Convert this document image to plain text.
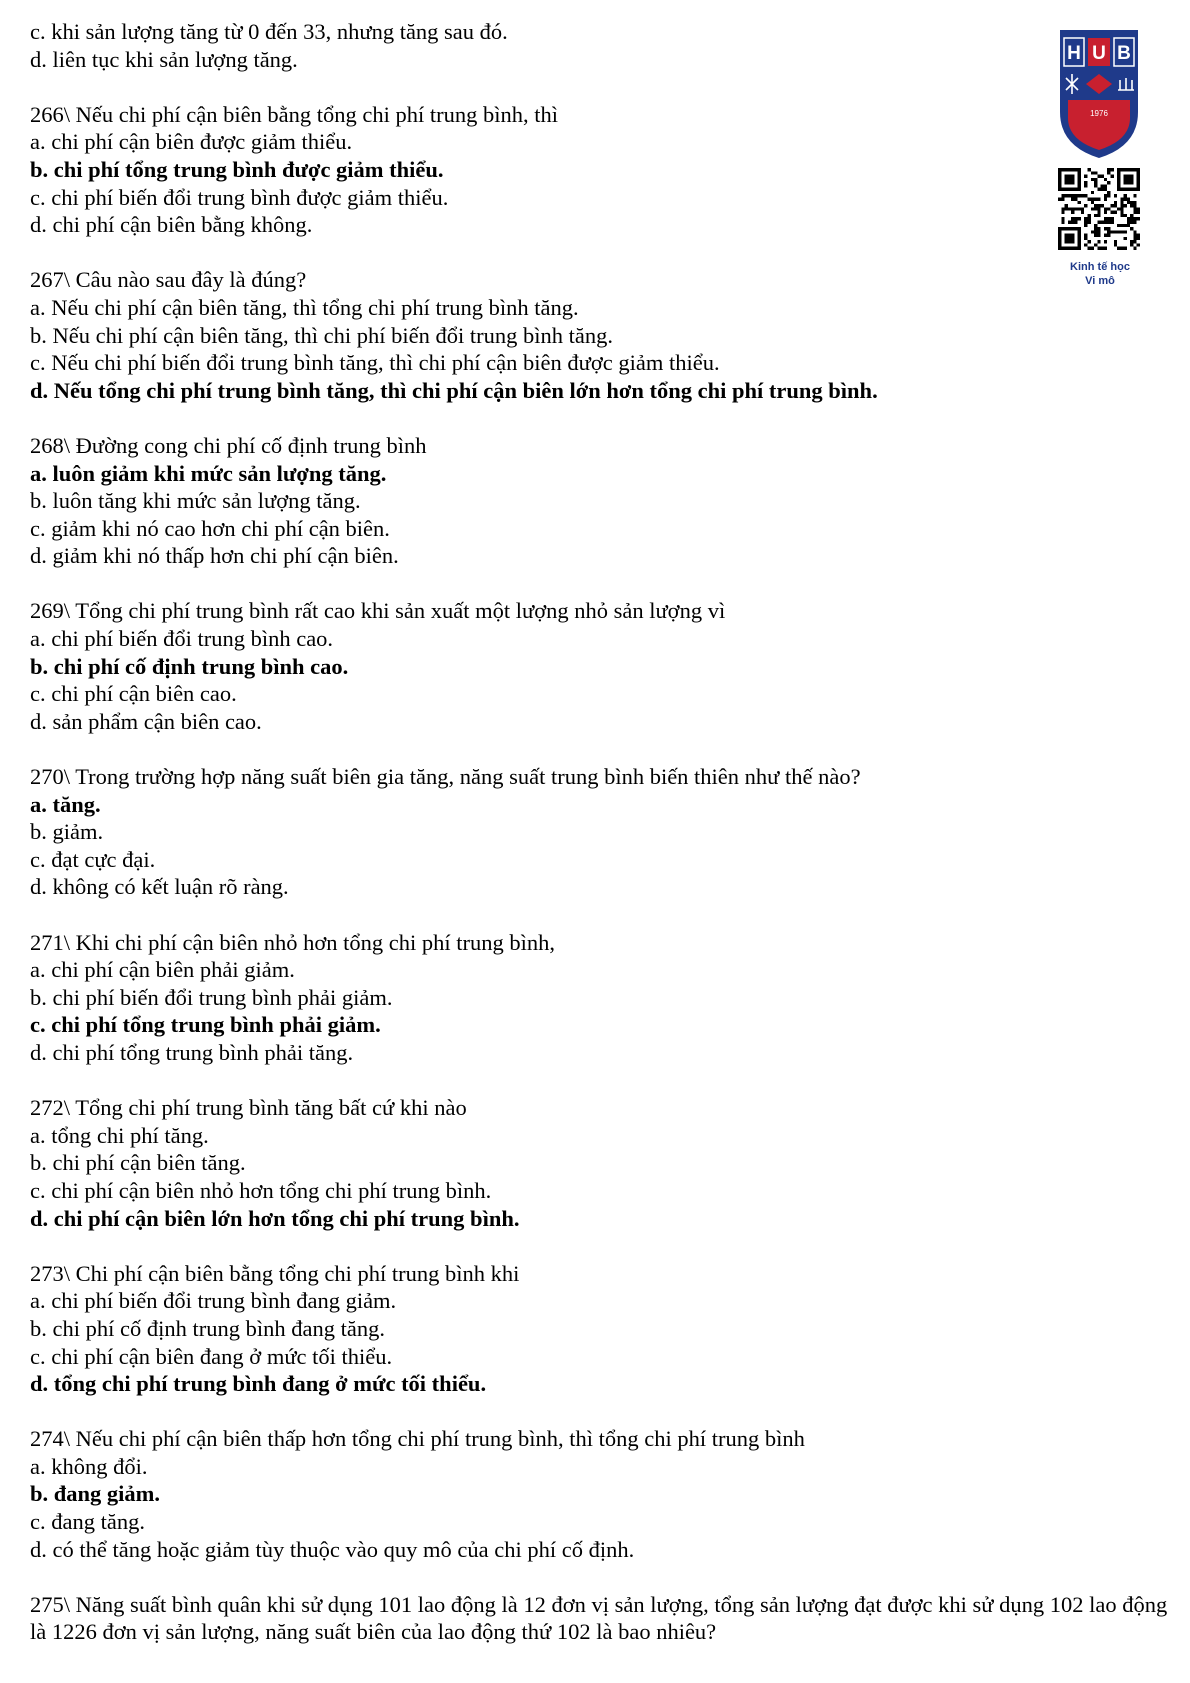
c. khi sản lượng tăng từ 0 đến 33, nhưng tăng sau đó.
d. liên tục khi sản lượng tăng.
266\ Nếu chi phí cận biên bằng tổng chi phí trung bình, thì
a. chi phí cận biên được giảm thiểu.
b. chi phí tổng trung bình được giảm thiểu.
c. chi phí biến đổi trung bình được giảm thiểu.
d. chi phí cận biên bằng không.
267\ Câu nào sau đây là đúng?
a. Nếu chi phí cận biên tăng, thì tổng chi phí trung bình tăng.
b. Nếu chi phí cận biên tăng, thì chi phí biến đổi trung bình tăng.
c. Nếu chi phí biến đổi trung bình tăng, thì chi phí cận biên được giảm thiểu.
d. Nếu tổng chi phí trung bình tăng, thì chi phí cận biên lớn hơn tổng chi phí trung bình.
268\ Đường cong chi phí cố định trung bình
a. luôn giảm khi mức sản lượng tăng.
b. luôn tăng khi mức sản lượng tăng.
c. giảm khi nó cao hơn chi phí cận biên.
d. giảm khi nó thấp hơn chi phí cận biên.
269\ Tổng chi phí trung bình rất cao khi sản xuất một lượng nhỏ sản lượng vì
a. chi phí biến đổi trung bình cao.
b. chi phí cố định trung bình cao.
c. chi phí cận biên cao.
d. sản phẩm cận biên cao.
270\ Trong trường hợp năng suất biên gia tăng, năng suất trung bình biến thiên như thế nào?
a. tăng.
b. giảm.
c. đạt cực đại.
d. không có kết luận rõ ràng.
271\ Khi chi phí cận biên nhỏ hơn tổng chi phí trung bình,
a. chi phí cận biên phải giảm.
b. chi phí biến đổi trung bình phải giảm.
c. chi phí tổng trung bình phải giảm.
d. chi phí tổng trung bình phải tăng.
272\ Tổng chi phí trung bình tăng bất cứ khi nào
a. tổng chi phí tăng.
b. chi phí cận biên tăng.
c. chi phí cận biên nhỏ hơn tổng chi phí trung bình.
d. chi phí cận biên lớn hơn tổng chi phí trung bình.
273\ Chi phí cận biên bằng tổng chi phí trung bình khi
a. chi phí biến đổi trung bình đang giảm.
b. chi phí cố định trung bình đang tăng.
c. chi phí cận biên đang ở mức tối thiểu.
d. tổng chi phí trung bình đang ở mức tối thiểu.
274\ Nếu chi phí cận biên thấp hơn tổng chi phí trung bình, thì tổng chi phí trung bình
a. không đổi.
b. đang giảm.
c. đang tăng.
d. có thể tăng hoặc giảm tùy thuộc vào quy mô của chi phí cố định.
275\ Năng suất bình quân khi sử dụng 101 lao động là 12 đơn vị sản lượng, tổng sản lượng đạt được khi sử dụng 102 lao động là 1226 đơn vị sản lượng, năng suất biên của lao động thứ 102 là bao nhiêu?
H U B
1976
Kinh tế học
Vi mô
